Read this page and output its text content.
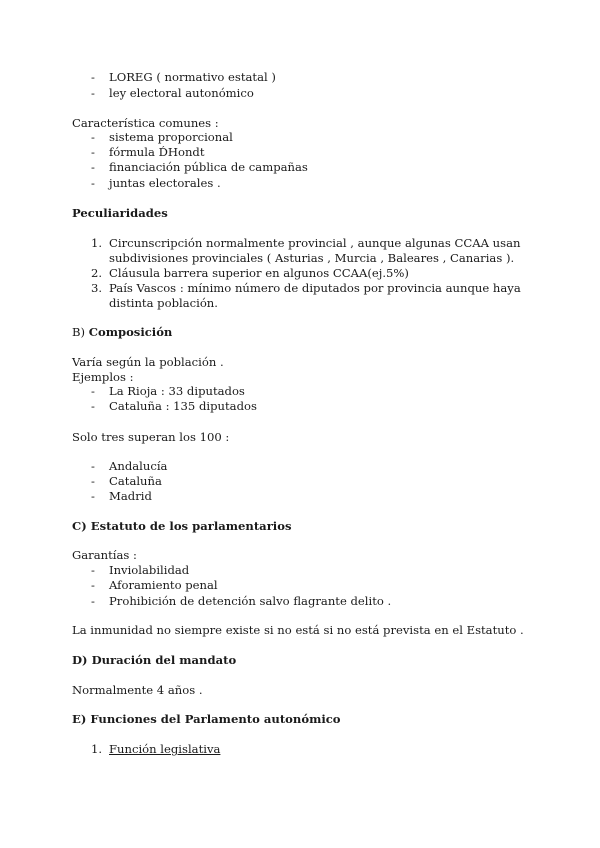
- LOREG ( normativo estatal )
- ley electoral autonómico
Característica comunes :
- sistema proporcional
- fórmula D́Hondt
- financiación pública de campañas
- juntas electorales .
Peculiaridades
1. Circunscripción normalmente provincial , aunque algunas CCAA usan
subdivisiones provinciales ( Asturias , Murcia , Baleares , Canarias ).
2. Cláusula barrera superior en algunos CCAA(ej.5%)
3. País Vascos : mínimo número de diputados por provincia aunque haya
distinta población.
B) Composición
Varía según la población .
Ejemplos :
- La Rioja : 33 diputados
- Cataluña : 135 diputados
Solo tres superan los 100 :
- Andalucía
- Cataluña
- Madrid
C) Estatuto de los parlamentarios
Garantías :
- Inviolabilidad
- Aforamiento penal
- Prohibición de detención salvo flagrante delito .
La inmunidad no siempre existe si no está si no está prevista en el Estatuto .
D) Duración del mandato
Normalmente 4 años .
E) Funciones del Parlamento autonómico
1. Función legislativa
